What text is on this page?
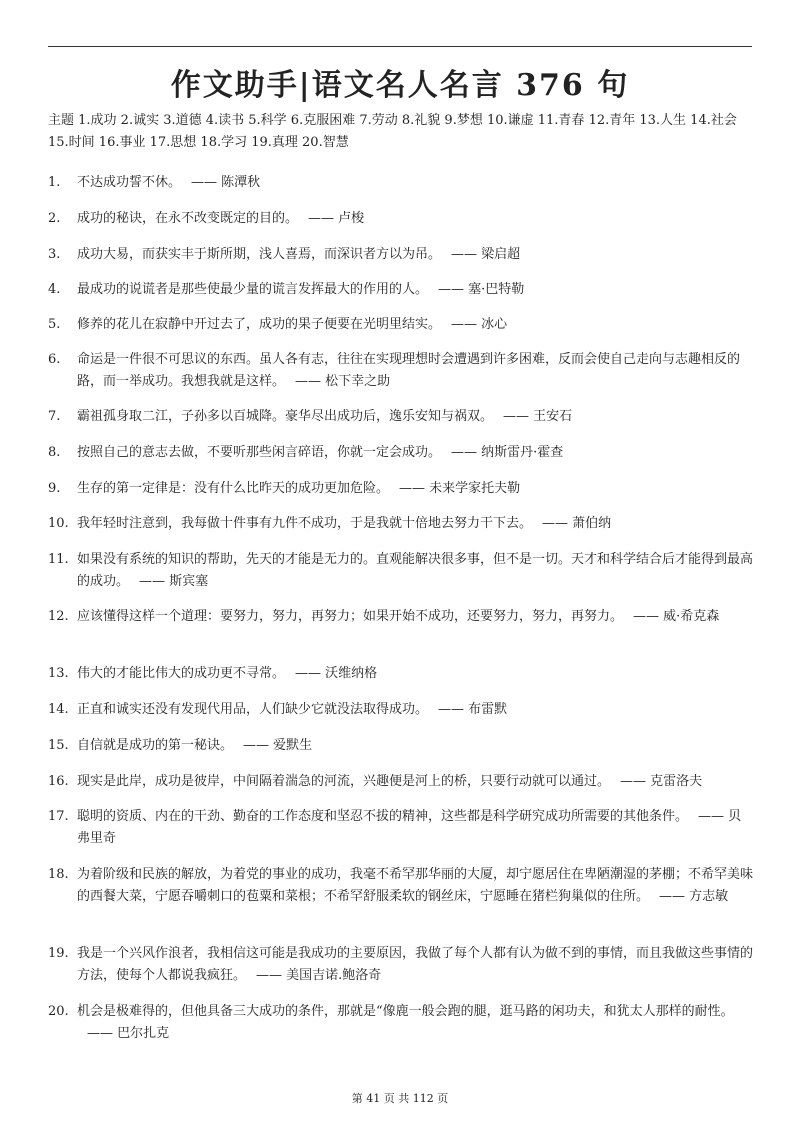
作文助手|语文名人名言 376 句
主题 1.成功 2.诚实 3.道德 4.读书 5.科学 6.克服困难 7.劳动 8.礼貌 9.梦想 10.谦虚 11.青春 12.青年 13.人生 14.社会 15.时间 16.事业 17.思想 18.学习 19.真理 20.智慧
1.	不达成功誓不休。 —— 陈潭秋
2.	成功的秘诀，在永不改变既定的目的。 —— 卢梭
3.	成功大易，而获实丰于斯所期，浅人喜焉，而深识者方以为吊。 —— 梁启超
4.	最成功的说谎者是那些使最少量的谎言发挥最大的作用的人。 —— 塞·巴特勒
5.	修养的花儿在寂静中开过去了，成功的果子便要在光明里结实。 —— 冰心
6.	命运是一件很不可思议的东西。虽人各有志，往往在实现理想时会遭遇到许多困难，反而会使自己走向与志趣相反的路，而一举成功。我想我就是这样。 —— 松下幸之助
7.	霸祖孤身取二江，子孙多以百城降。豪华尽出成功后，逸乐安知与祸双。 —— 王安石
8.	按照自己的意志去做，不要听那些闲言碎语，你就一定会成功。 —— 纳斯雷丹·霍查
9.	生存的第一定律是：没有什么比昨天的成功更加危险。 —— 未来学家托夫勒
10. 我年轻时注意到，我每做十件事有九件不成功，于是我就十倍地去努力干下去。 —— 萧伯纳
11. 如果没有系统的知识的帮助，先天的才能是无力的。直观能解决很多事，但不是一切。天才和科学结合后才能得到最高的成功。 —— 斯宾塞
12. 应该懂得这样一个道理：要努力，努力，再努力；如果开始不成功，还要努力，努力，再努力。 —— 威·希克森
13. 伟大的才能比伟大的成功更不寻常。 —— 沃维纳格
14. 正直和诚实还没有发现代用品，人们缺少它就没法取得成功。 —— 布雷默
15. 自信就是成功的第一秘诀。 —— 爱默生
16. 现实是此岸，成功是彼岸，中间隔着湍急的河流，兴趣便是河上的桥，只要行动就可以通过。 —— 克雷洛夫
17. 聪明的资质、内在的干劲、勤奋的工作态度和坚忍不拔的精神，这些都是科学研究成功所需要的其他条件。 —— 贝弗里奇
18. 为着阶级和民族的解放，为着党的事业的成功，我毫不希罕那华丽的大厦，却宁愿居住在卑陋潮湿的茅棚；不希罕美味的西餐大菜，宁愿吞嚼刺口的苞粟和菜根；不希罕舒服柔软的钢丝床，宁愿睡在猪栏狗巢似的住所。 —— 方志敏
19. 我是一个兴风作浪者，我相信这可能是我成功的主要原因，我做了每个人都有认为做不到的事情，而且我做这些事情的方法，使每个人都说我疯狂。 —— 美国吉诺.鲍洛奇
20. 机会是极难得的，但他具备三大成功的条件，那就是“像鹿一般会跑的腿，逛马路的闲功夫，和犹太人那样的耐性。—— 巴尔扎克
第 41 页 共 112 页
